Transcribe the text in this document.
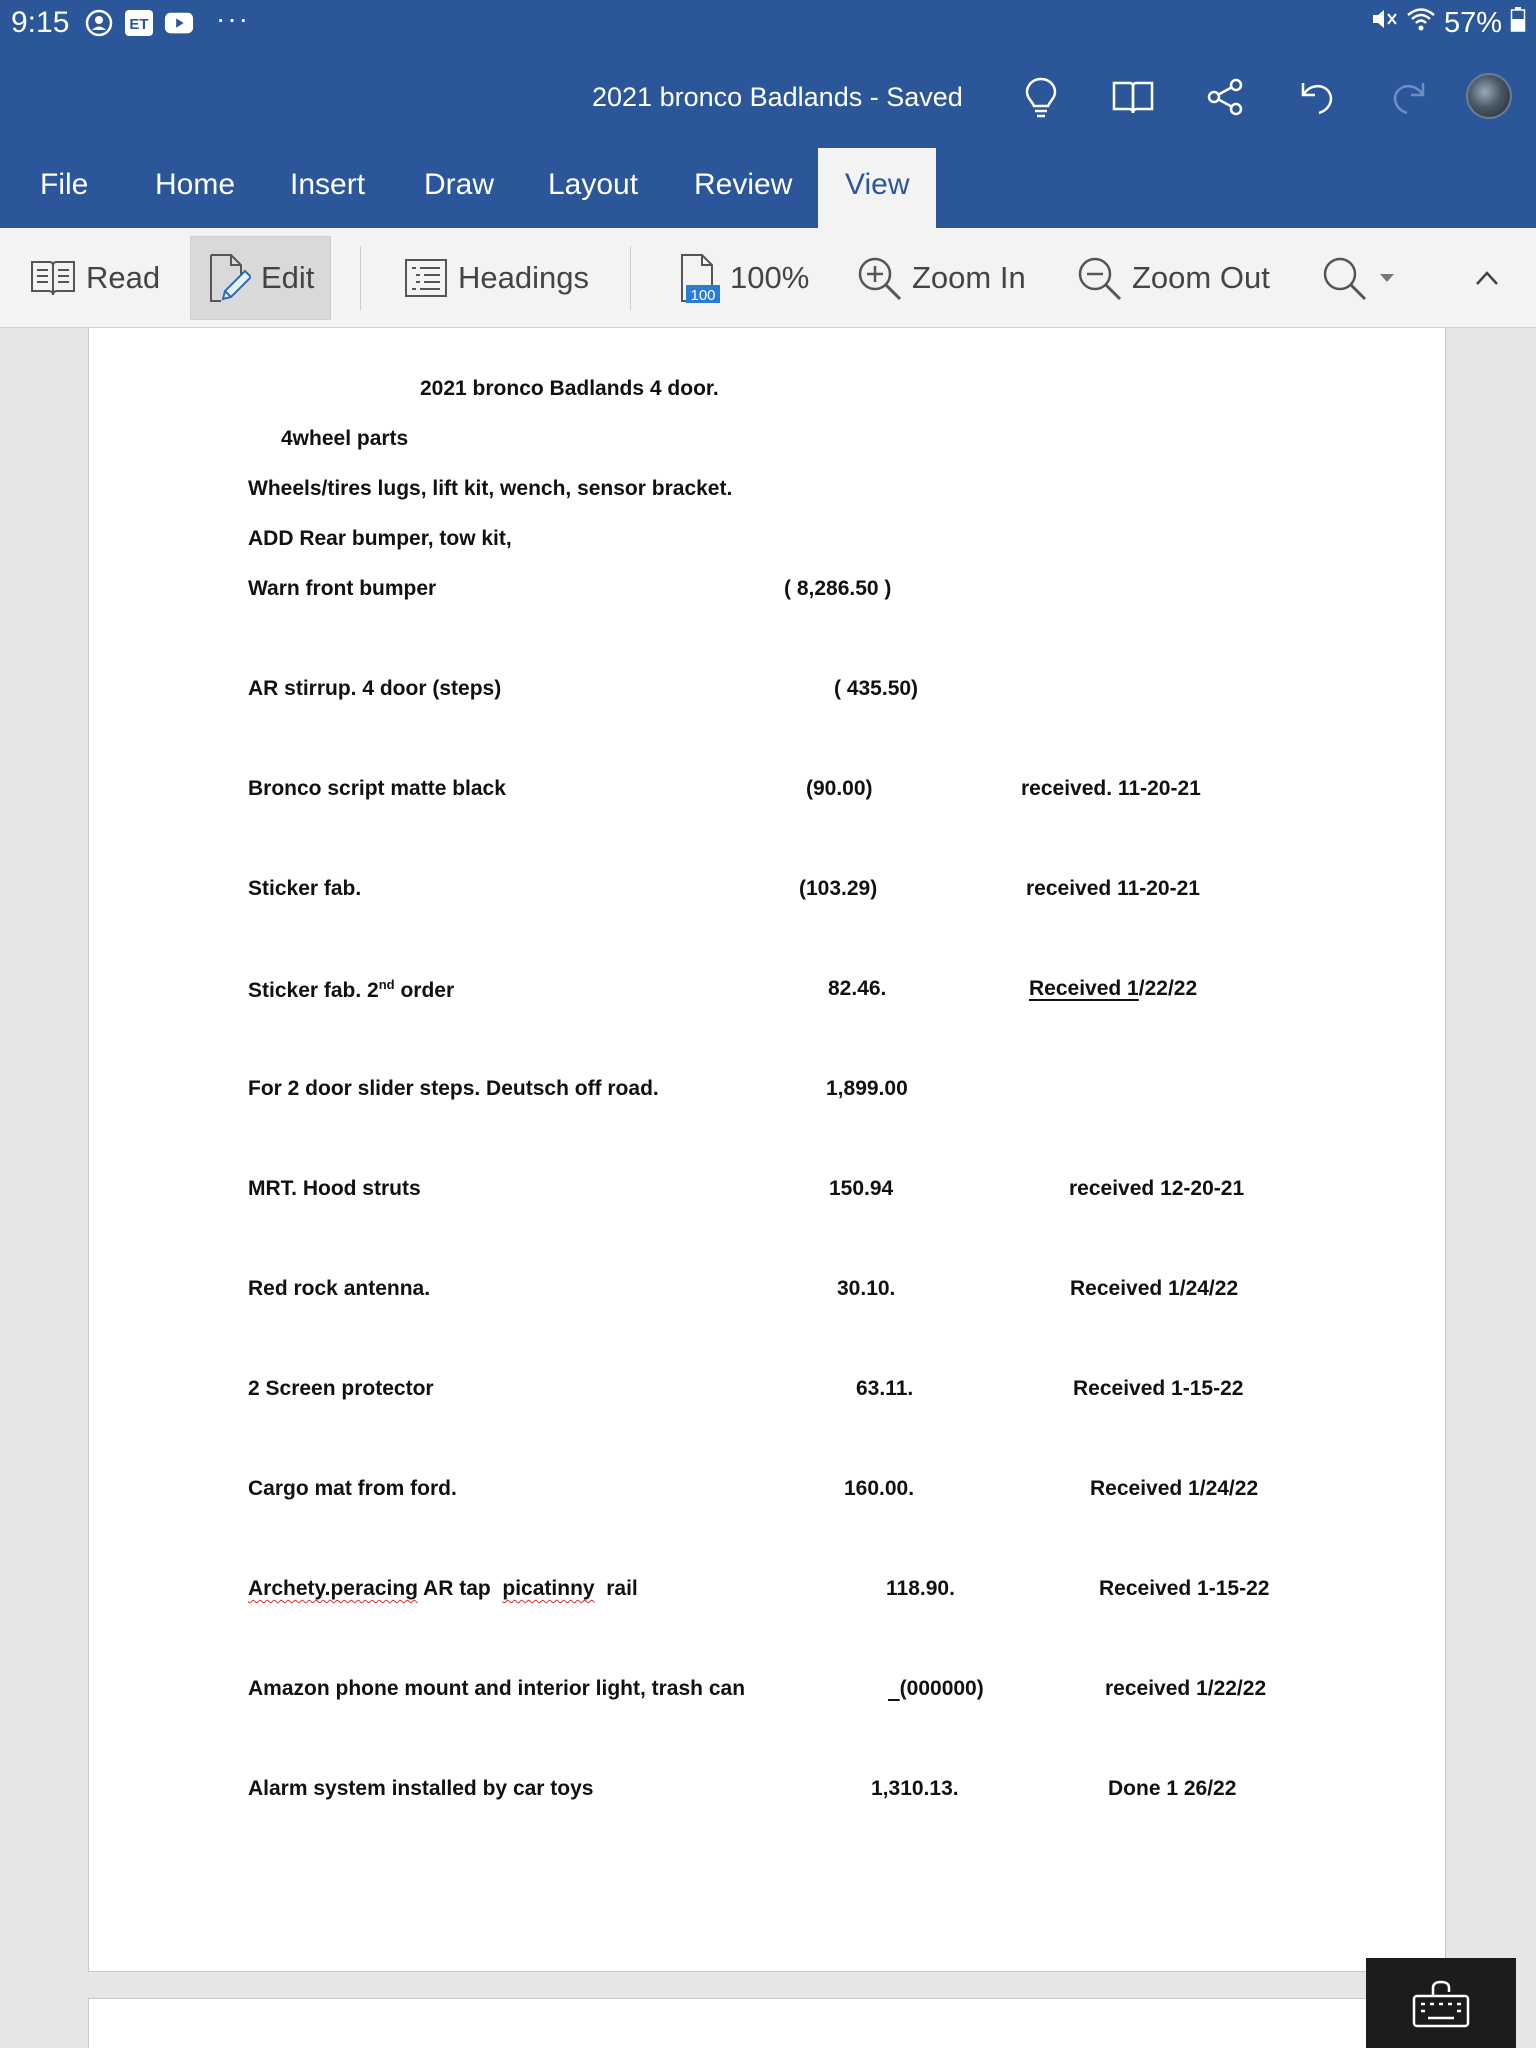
9:15	ET ···	57%
2021 bronco Badlands - Saved
File Home Insert Draw Layout Review	View
Read	Edit	Headings
100
100%	Zoom In	Zoom Out
2021 bronco Badlands 4 door.
4wheel parts
Wheels/tires lugs, lift kit, wench, sensor bracket.
ADD Rear bumper, tow kit,
Warn front bumper	( 8,286.50 )
AR stirrup. 4 door (steps)	( 435.50)
Bronco script matte black	(90.00)	received. 11-20-21
Sticker fab.	(103.29)	received 11-20-21
Sticker fab. 2nd order	82.46.	Received 1/22/22
For 2 door slider steps. Deutsch off road.	1,899.00
MRT. Hood struts	150.94	received 12-20-21
Red rock antenna.	30.10.	Received 1/24/22
2 Screen protector	63.11.	Received 1-15-22
Cargo mat from ford.	160.00.	Received 1/24/22
Archety.peracing AR tap  picatinny  rail	118.90.	Received 1-15-22
Amazon phone mount and interior light, trash can	(000000)	received 1/22/22
Alarm system installed by car toys	1,310.13.	Done 1 26/22
